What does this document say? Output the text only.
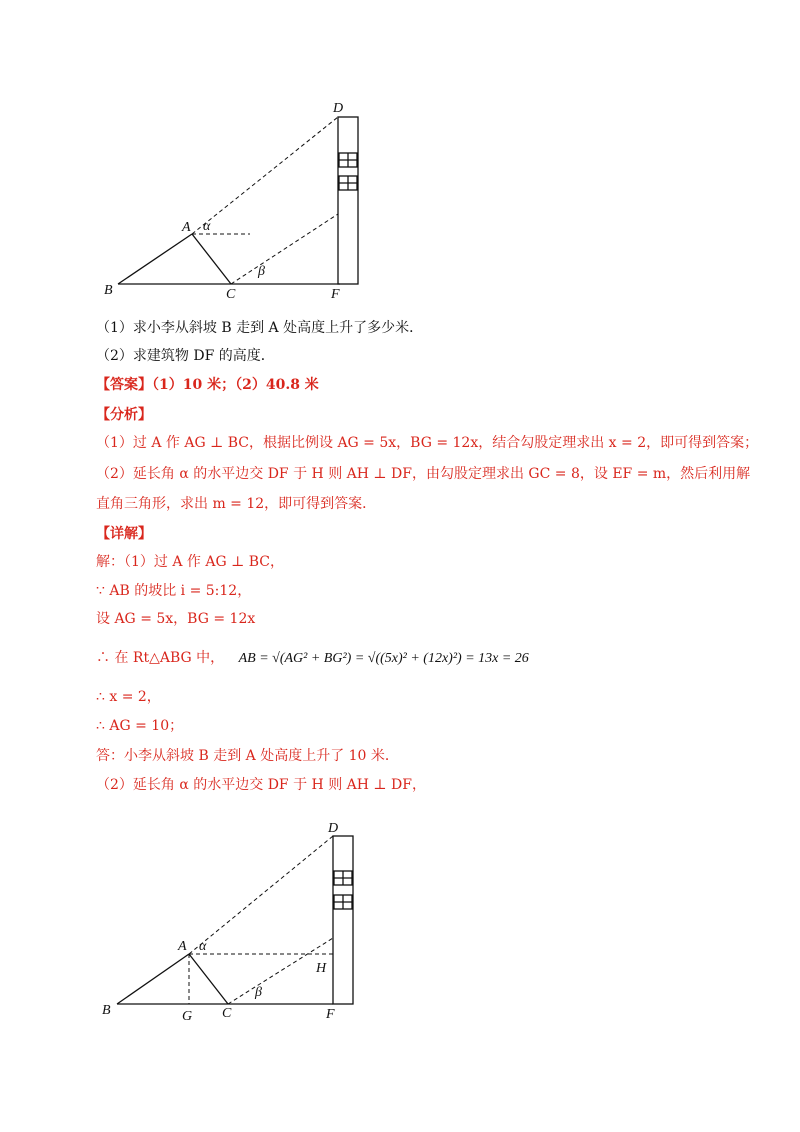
D
A α
β
B	C	F
（1）求小李从斜坡 B 走到 A 处高度上升了多少米．
（2）求建筑物 DF 的高度．
【答案】（1）10 米；（2）40.8 米
【分析】
（1）过 A 作 AG ⊥ BC，根据比例设 AG = 5x，BG = 12x，结合勾股定理求出 x = 2，即可得到答案；
（2）延长角 α 的水平边交 DF 于 H 则 AH ⊥ DF，由勾股定理求出 GC = 8，设 EF = m，然后利用解
直角三角形，求出 m = 12，即可得到答案．
【详解】
解：（1）过 A 作 AG ⊥ BC，
∵ AB 的坡比 i = 5:12，
设 AG = 5x，BG = 12x
∴ 在 Rt△ABG 中， AB = √(AG² + BG²) = √((5x)² + (12x)²) = 13x = 26
∴ x = 2，
∴ AG = 10；
答：小李从斜坡 B 走到 A 处高度上升了 10 米．
（2）延长角 α 的水平边交 DF 于 H 则 AH ⊥ DF，
D
A α
H
β
B	G C	F
